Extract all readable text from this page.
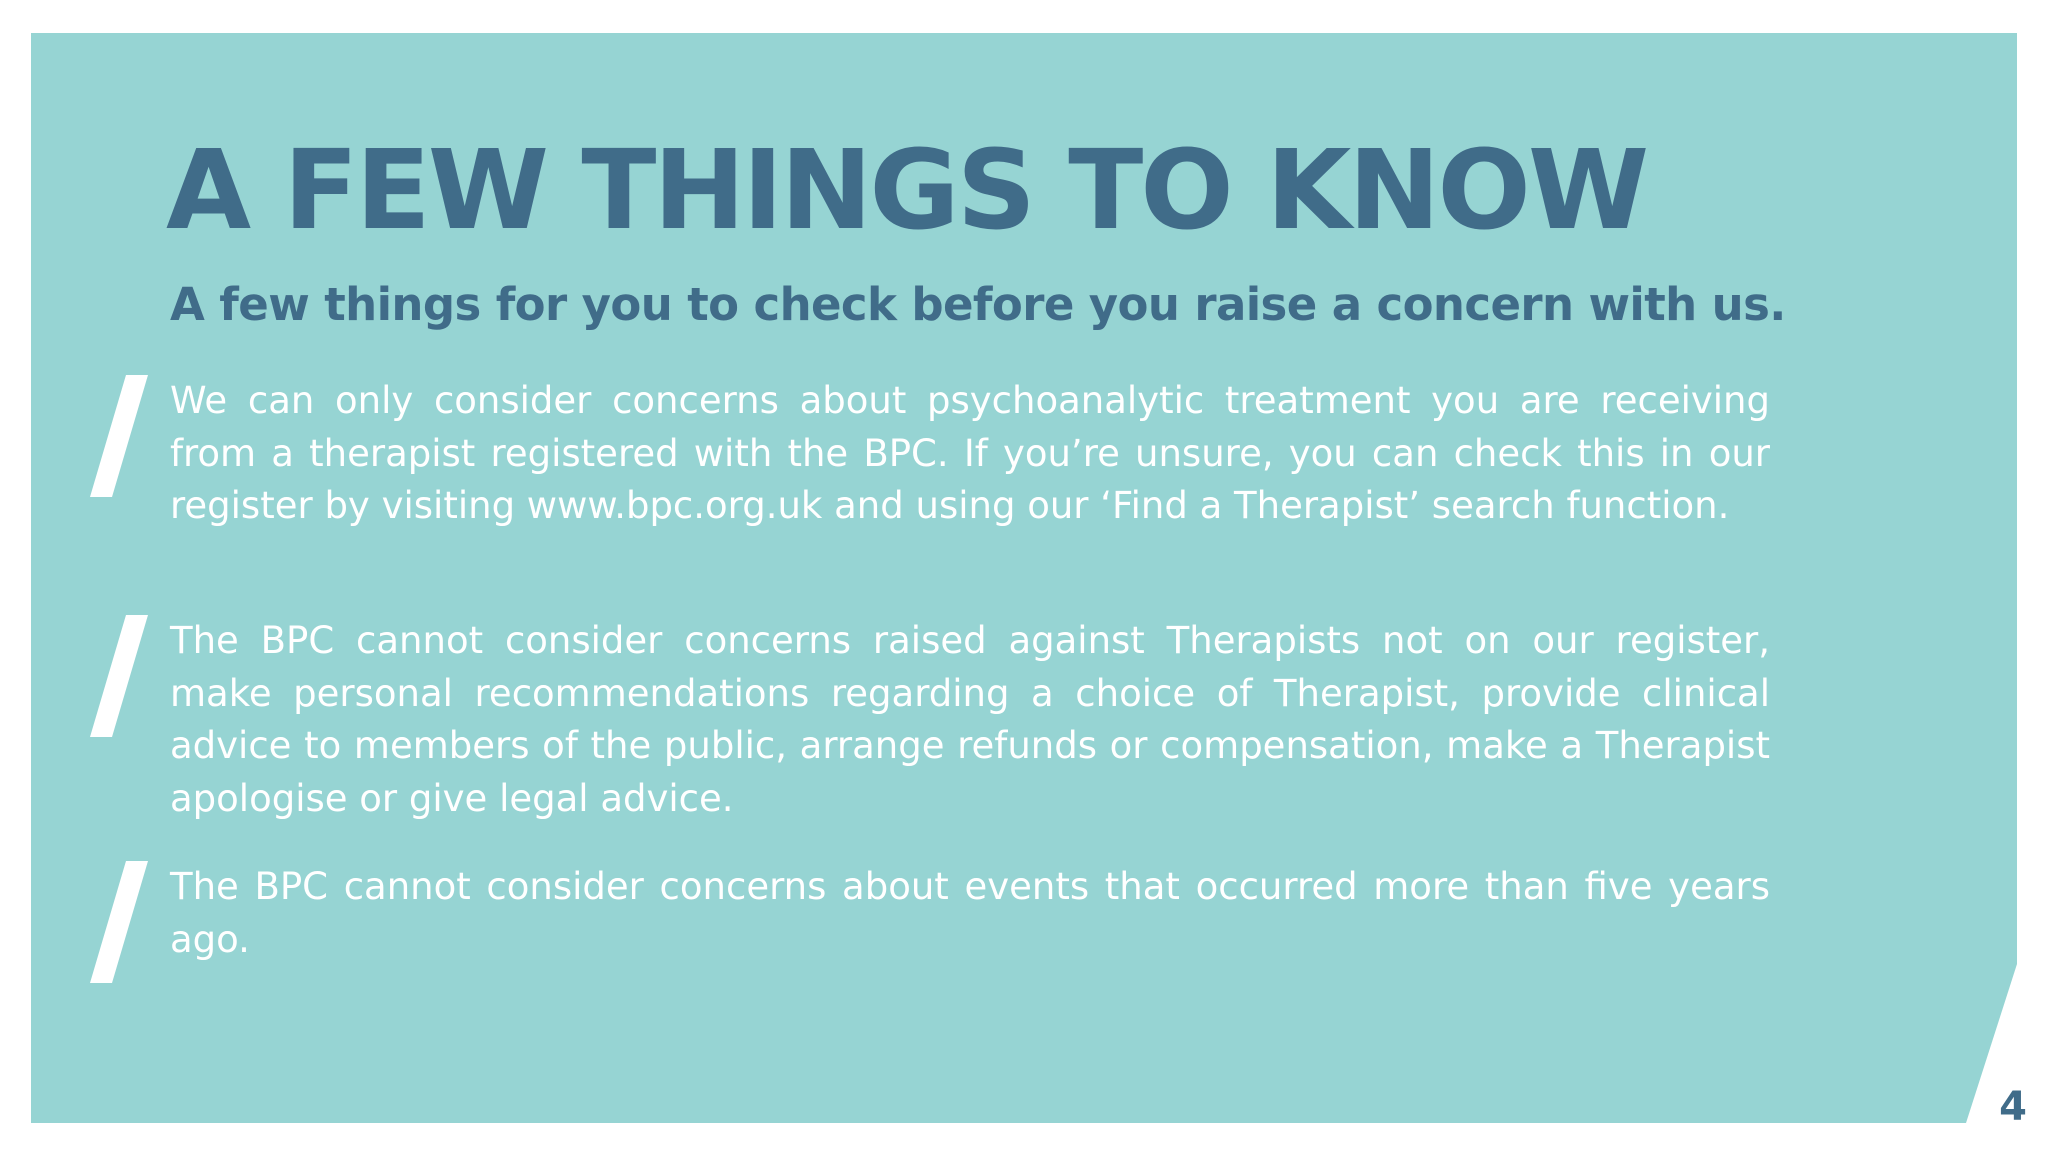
A FEW THINGS TO KNOW
A few things for you to check before you raise a concern with us.

We can only consider concerns about psychoanalytic treatment you are receiving from a therapist registered with the BPC. If you’re unsure, you can check this in our register by visiting www.bpc.org.uk and using our ‘Find a Therapist’ search function.

The BPC cannot consider concerns raised against Therapists not on our register, make personal recommendations regarding a choice of Therapist, provide clinical advice to members of the public, arrange refunds or compensation, make a Therapist apologise or give legal advice.

The BPC cannot consider concerns about events that occurred more than five years ago.

4
